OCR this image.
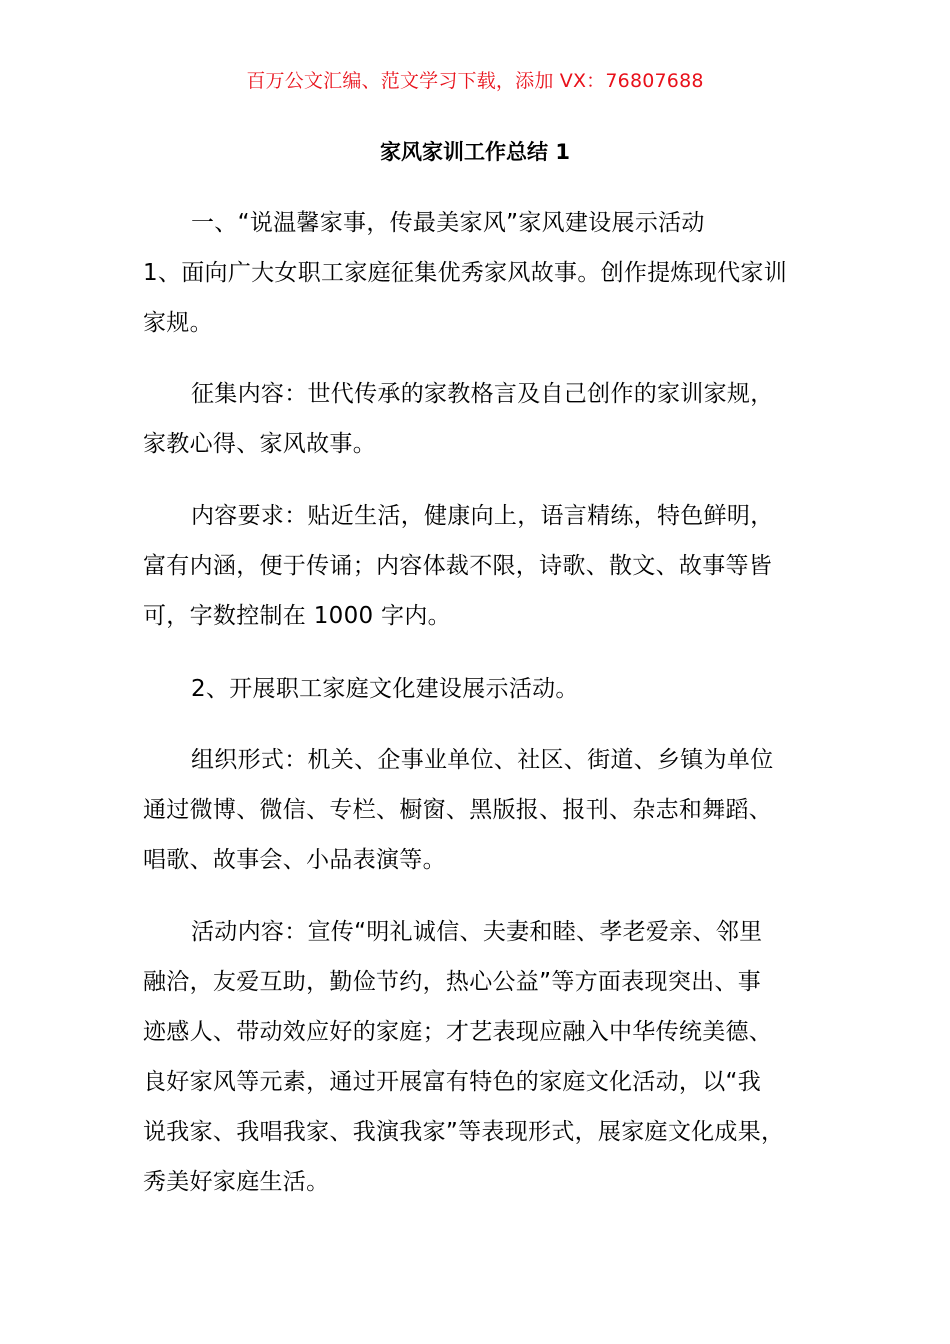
百万公文汇编、范文学习下载，添加 VX：76807688
家风家训工作总结 1
一、“说温馨家事，传最美家风”家风建设展示活动
1、面向广大女职工家庭征集优秀家风故事。创作提炼现代家训
家规。
征集内容：世代传承的家教格言及自己创作的家训家规，
家教心得、家风故事。
内容要求：贴近生活，健康向上，语言精练，特色鲜明，
富有内涵，便于传诵；内容体裁不限，诗歌、散文、故事等皆
可，字数控制在 1000 字内。
2、开展职工家庭文化建设展示活动。
组织形式：机关、企事业单位、社区、街道、乡镇为单位
通过微博、微信、专栏、橱窗、黑版报、报刊、杂志和舞蹈、
唱歌、故事会、小品表演等。
活动内容：宣传“明礼诚信、夫妻和睦、孝老爱亲、邻里
融洽，友爱互助，勤俭节约，热心公益”等方面表现突出、事
迹感人、带动效应好的家庭；才艺表现应融入中华传统美德、
良好家风等元素，通过开展富有特色的家庭文化活动，以“我
说我家、我唱我家、我演我家”等表现形式，展家庭文化成果，
秀美好家庭生活。
